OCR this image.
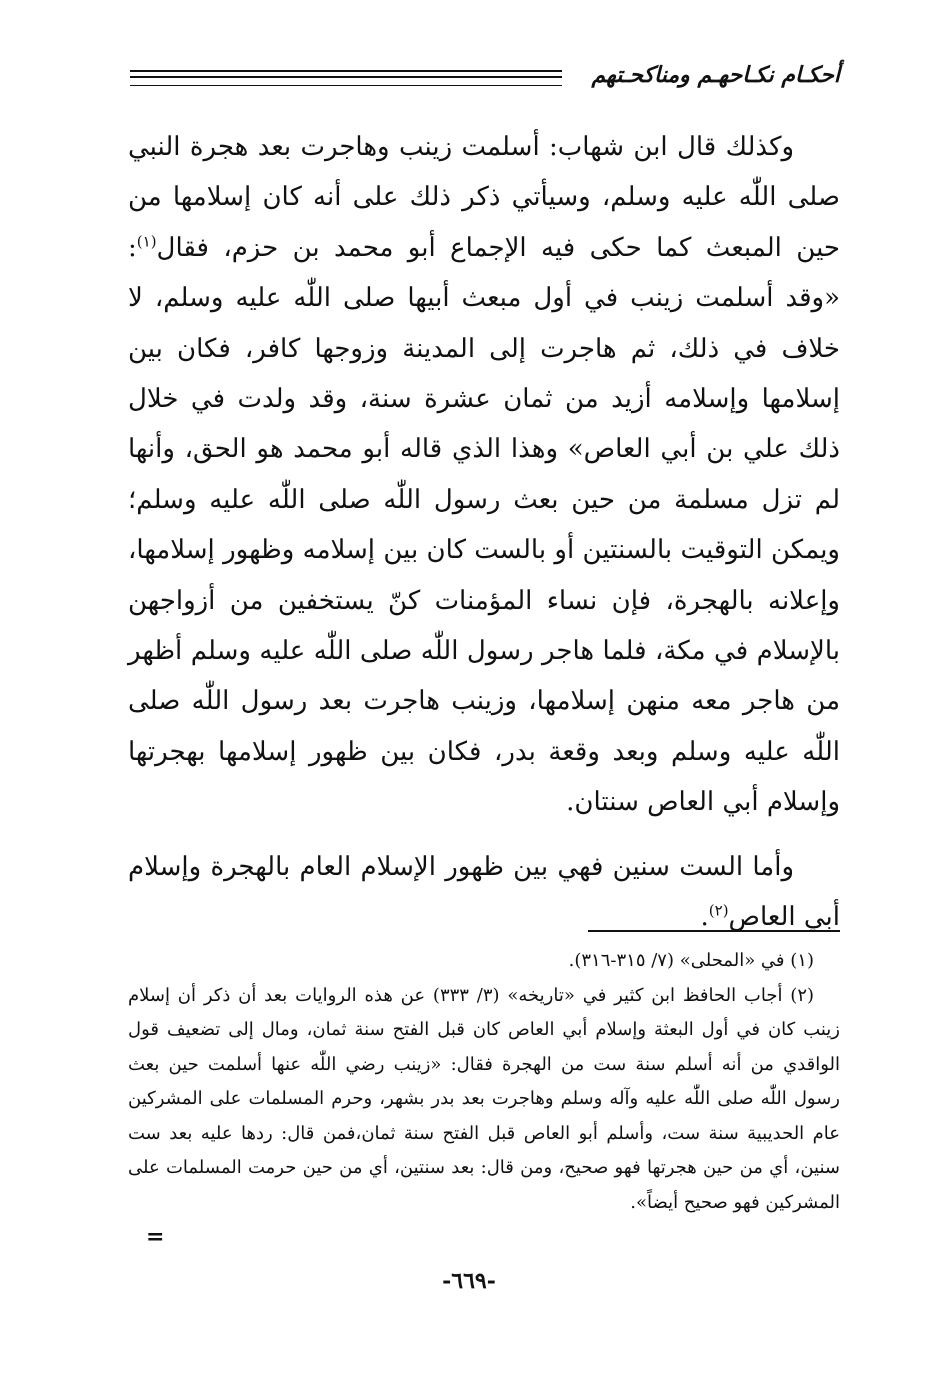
أحكـام نكـاحهـم ومناكحـتهم

وكذلك قال ابن شهاب: أسلمت زينب وهاجرت بعد هجرة النبي صلى اللّٰه عليه وسلم، وسيأتي ذكر ذلك على أنه كان إسلامها من حين المبعث كما حكى فيه الإجماع أبو محمد بن حزم، فقال$^{(١)}$: «وقد أسلمت زينب في أول مبعث أبيها صلى اللّٰه عليه وسلم، لا خلاف في ذلك، ثم هاجرت إلى المدينة وزوجها كافر، فكان بين إسلامها وإسلامه أزيد من ثمان عشرة سنة، وقد ولدت في خلال ذلك علي بن أبي العاص» وهذا الذي قاله أبو محمد هو الحق، وأنها لم تزل مسلمة من حين بعث رسول اللّٰه صلى اللّٰه عليه وسلم؛ ويمكن التوقيت بالسنتين أو بالست كان بين إسلامه وظهور إسلامها، وإعلانه بالهجرة، فإن نساء المؤمنات كنّ يستخفين من أزواجهن بالإسلام في مكة، فلما هاجر رسول اللّٰه صلى اللّٰه عليه وسلم أظهر من هاجر معه منهن إسلامها، وزينب هاجرت بعد رسول اللّٰه صلى اللّٰه عليه وسلم وبعد وقعة بدر، فكان بين ظهور إسلامها بهجرتها وإسلام أبي العاص سنتان.

وأما الست سنين فهي بين ظهور الإسلام العام بالهجرة وإسلام أبي العاص$^{(٢)}$.

(١) في «المحلى» (٧/ ٣١٥-٣١٦).

(٢) أجاب الحافظ ابن كثير في «تاريخه» (٣/ ٣٣٣) عن هذه الروايات بعد أن ذكر أن إسلام زينب كان في أول البعثة وإسلام أبي العاص كان قبل الفتح سنة ثمان، ومال إلى تضعيف قول الواقدي من أنه أسلم سنة ست من الهجرة فقال: «زينب رضي اللّٰه عنها أسلمت حين بعث رسول اللّٰه صلى اللّٰه عليه وآله وسلم وهاجرت بعد بدر بشهر، وحرم المسلمات على المشركين عام الحديبية سنة ست، وأسلم أبو العاص قبل الفتح سنة ثمان،فمن قال: ردها عليه بعد ست سنين، أي من حين هجرتها فهو صحيح، ومن قال: بعد سنتين، أي من حين حرمت المسلمات على المشركين فهو صحيح أيضاً».

=
-٦٦٩-
